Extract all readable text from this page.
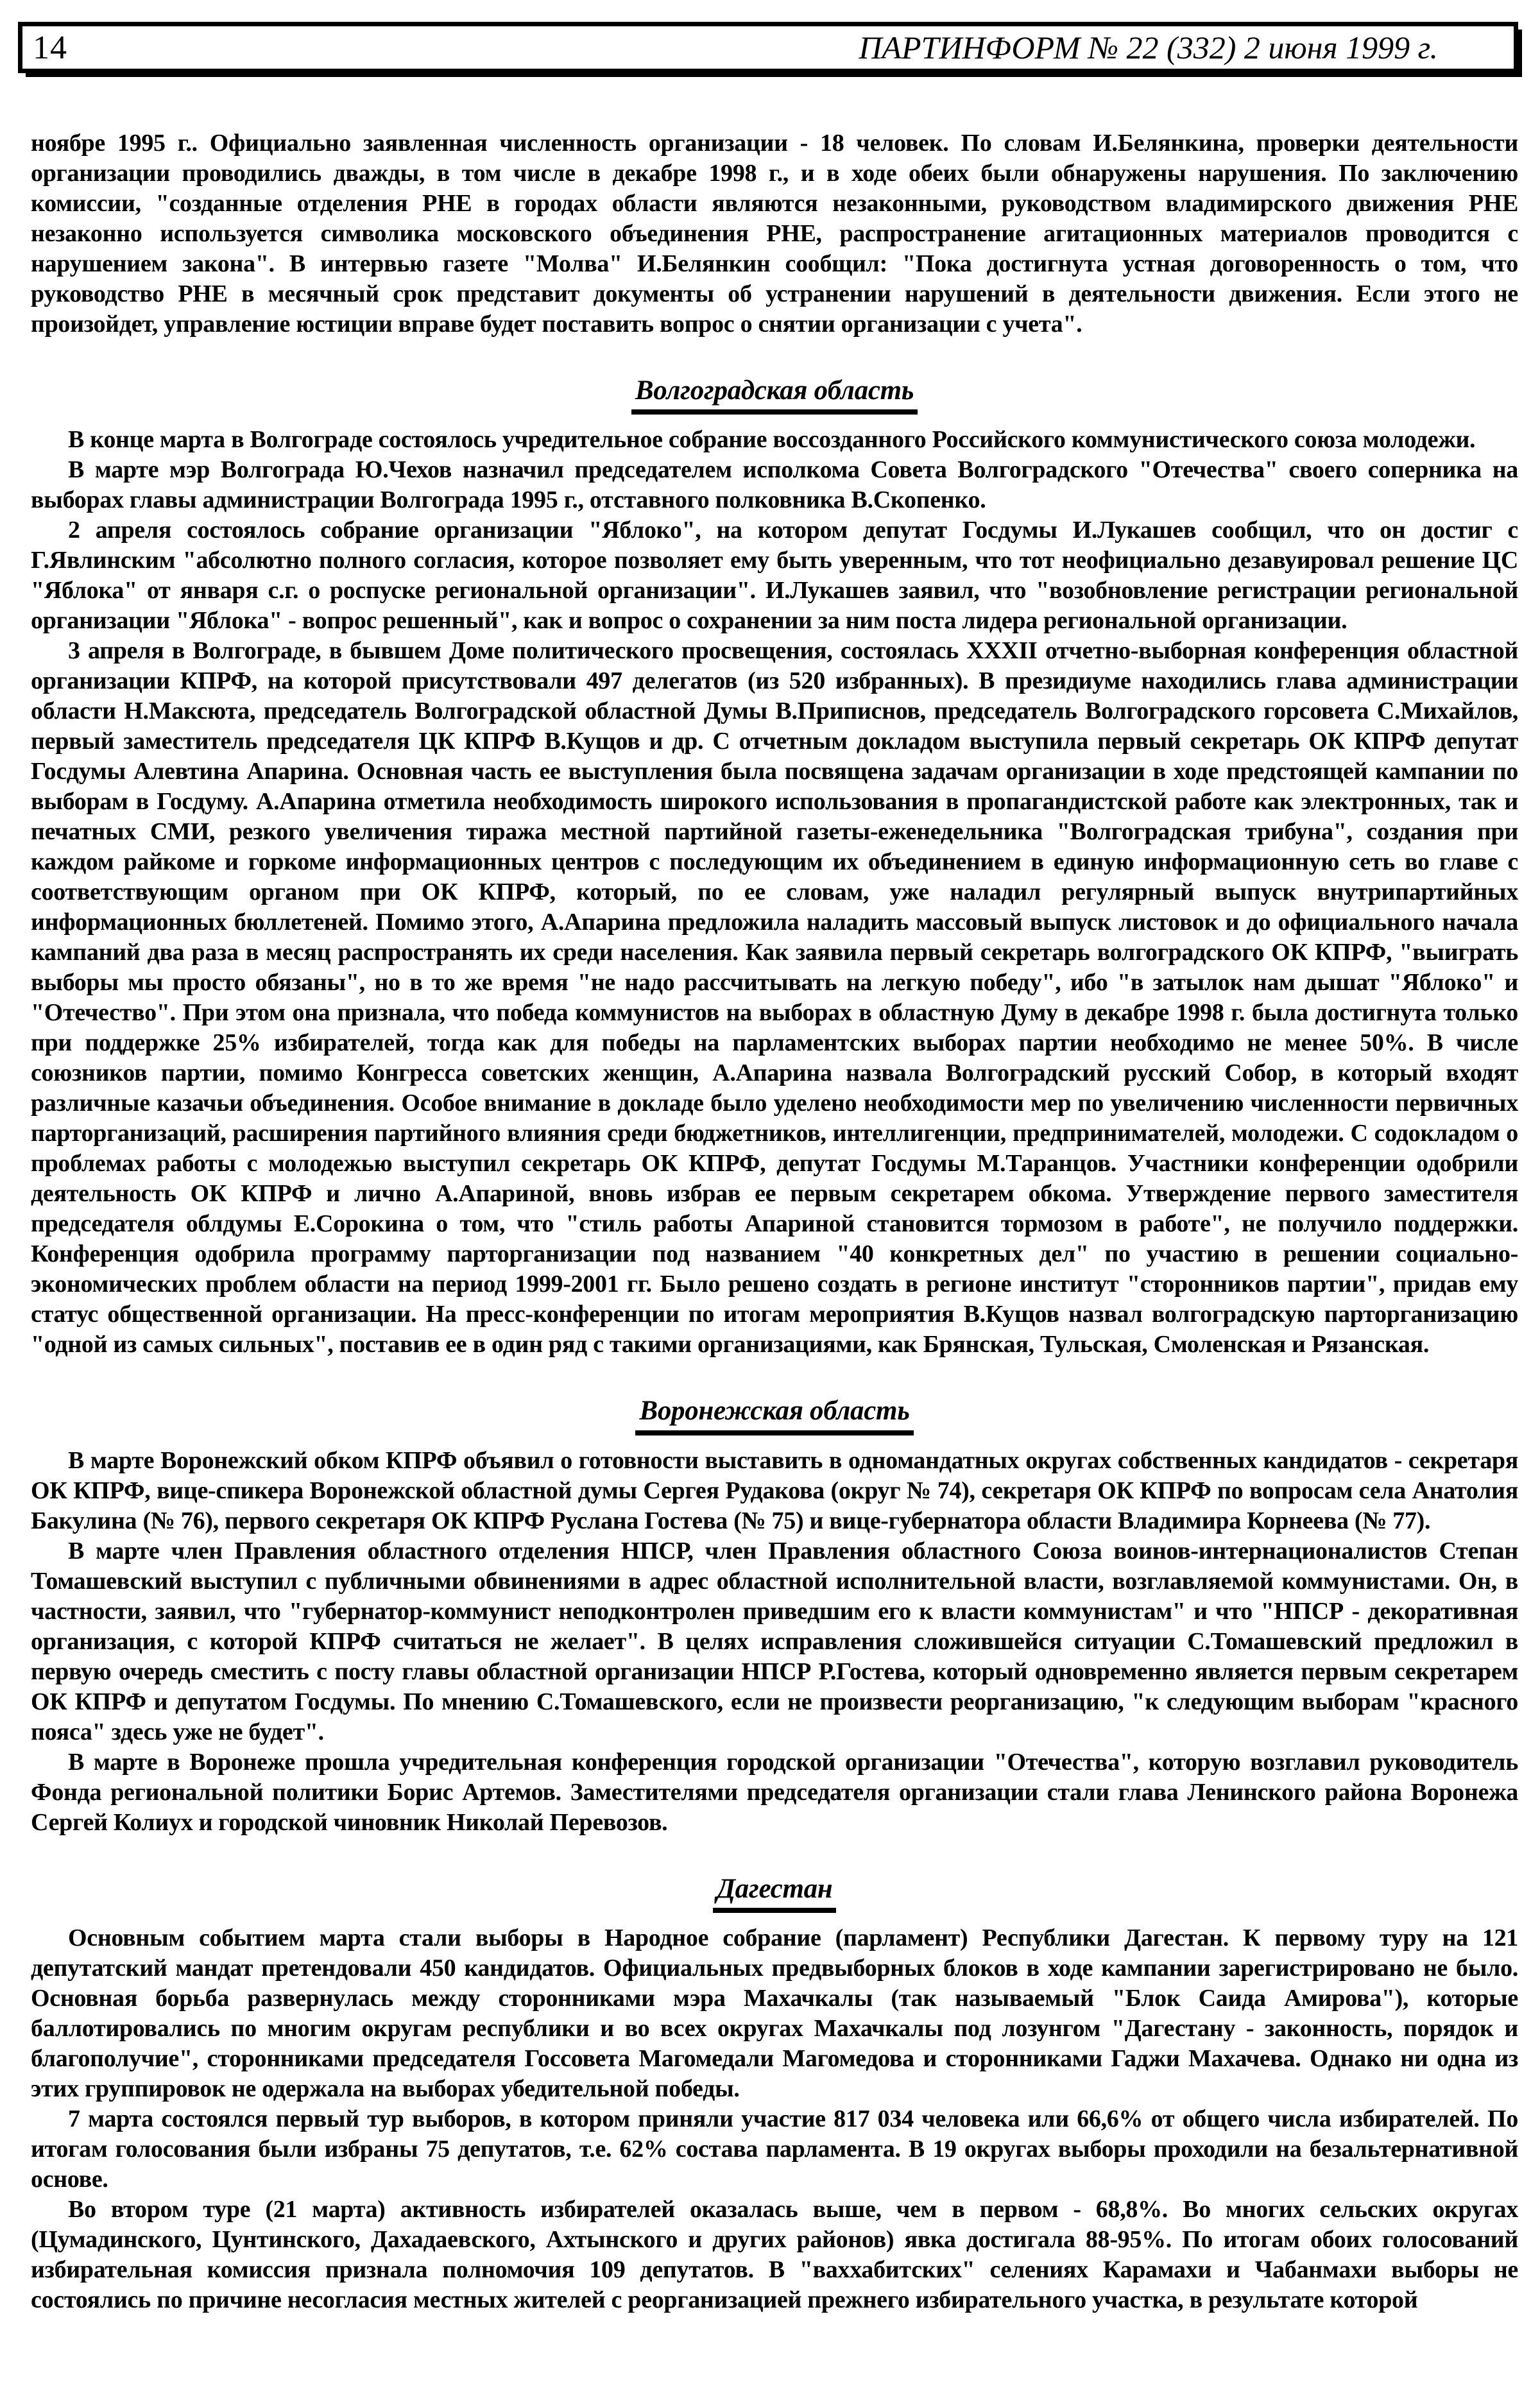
14	ПАРТИНФОРМ № 22 (332) 2 июня 1999 г.

ноябре 1995 г.. Официально заявленная численность организации - 18 человек. По словам И.Белянкина, проверки деятельности организации проводились дважды, в том числе в декабре 1998 г., и в ходе обеих были обнаружены нарушения. По заключению комиссии, "созданные отделения РНЕ в городах области являются незаконными, руководством владимирского движения РНЕ незаконно используется символика московского объединения РНЕ, распространение агитационных материалов проводится с нарушением закона". В интервью газете "Молва" И.Белянкин сообщил: "Пока достигнута устная договоренность о том, что руководство РНЕ в месячный срок представит документы об устранении нарушений в деятельности движения. Если этого не произойдет, управление юстиции вправе будет поставить вопрос о снятии организации с учета".

Волгоградская область

В конце марта в Волгограде состоялось учредительное собрание воссозданного Российского коммунистического союза молодежи.

В марте мэр Волгограда Ю.Чехов назначил председателем исполкома Совета Волгоградского "Отечества" своего соперника на выборах главы администрации Волгограда 1995 г., отставного полковника В.Скопенко.

2 апреля состоялось собрание организации "Яблоко", на котором депутат Госдумы И.Лукашев сообщил, что он достиг с Г.Явлинским "абсолютно полного согласия, которое позволяет ему быть уверенным, что тот неофициально дезавуировал решение ЦС "Яблока" от января с.г. о роспуске региональной организации". И.Лукашев заявил, что "возобновление регистрации региональной организации "Яблока" - вопрос решенный", как и вопрос о сохранении за ним поста лидера региональной организации.

3 апреля в Волгограде, в бывшем Доме политического просвещения, состоялась XXXII отчетно-выборная конференция областной организации КПРФ, на которой присутствовали 497 делегатов (из 520 избранных). В президиуме находились глава администрации области Н.Максюта, председатель Волгоградской областной Думы В.Приписнов, председатель Волгоградского горсовета С.Михайлов, первый заместитель председателя ЦК КПРФ В.Кущов и др. С отчетным докладом выступила первый секретарь ОК КПРФ депутат Госдумы Алевтина Апарина. Основная часть ее выступления была посвящена задачам организации в ходе предстоящей кампании по выборам в Госдуму. А.Апарина отметила необходимость широкого использования в пропагандистской работе как электронных, так и печатных СМИ, резкого увеличения тиража местной партийной газеты-еженедельника "Волгоградская трибуна", создания при каждом райкоме и горкоме информационных центров с последующим их объединением в единую информационную сеть во главе с соответствующим органом при ОК КПРФ, который, по ее словам, уже наладил регулярный выпуск внутрипартийных информационных бюллетеней. Помимо этого, А.Апарина предложила наладить массовый выпуск листовок и до официального начала кампаний два раза в месяц распространять их среди населения. Как заявила первый секретарь волгоградского ОК КПРФ, "выиграть выборы мы просто обязаны", но в то же время "не надо рассчитывать на легкую победу", ибо "в затылок нам дышат "Яблоко" и "Отечество". При этом она признала, что победа коммунистов на выборах в областную Думу в декабре 1998 г. была достигнута только при поддержке 25% избирателей, тогда как для победы на парламентских выборах партии необходимо не менее 50%. В числе союзников партии, помимо Конгресса советских женщин, А.Апарина назвала Волгоградский русский Собор, в который входят различные казачьи объединения. Особое внимание в докладе было уделено необходимости мер по увеличению численности первичных парторганизаций, расширения партийного влияния среди бюджетников, интеллигенции, предпринимателей, молодежи. С содокладом о проблемах работы с молодежью выступил секретарь ОК КПРФ, депутат Госдумы М.Таранцов. Участники конференции одобрили деятельность ОК КПРФ и лично А.Апариной, вновь избрав ее первым секретарем обкома. Утверждение первого заместителя председателя облдумы Е.Сорокина о том, что "стиль работы Апариной становится тормозом в работе", не получило поддержки. Конференция одобрила программу парторганизации под названием "40 конкретных дел" по участию в решении социально-экономических проблем области на период 1999-2001 гг. Было решено создать в регионе институт "сторонников партии", придав ему статус общественной организации. На пресс-конференции по итогам мероприятия В.Кущов назвал волгоградскую парторганизацию "одной из самых сильных", поставив ее в один ряд с такими организациями, как Брянская, Тульская, Смоленская и Рязанская.

Воронежская область

В марте Воронежский обком КПРФ объявил о готовности выставить в одномандатных округах собственных кандидатов - секретаря ОК КПРФ, вице-спикера Воронежской областной думы Сергея Рудакова (округ № 74), секретаря ОК КПРФ по вопросам села Анатолия Бакулина (№ 76), первого секретаря ОК КПРФ Руслана Гостева (№ 75) и вице-губернатора области Владимира Корнеева (№ 77).

В марте член Правления областного отделения НПСР, член Правления областного Союза воинов-интернационалистов Степан Томашевский выступил с публичными обвинениями в адрес областной исполнительной власти, возглавляемой коммунистами. Он, в частности, заявил, что "губернатор-коммунист неподконтролен приведшим его к власти коммунистам" и что "НПСР - декоративная организация, с которой КПРФ считаться не желает". В целях исправления сложившейся ситуации С.Томашевский предложил в первую очередь сместить с посту главы областной организации НПСР Р.Гостева, который одновременно является первым секретарем ОК КПРФ и депутатом Госдумы. По мнению С.Томашевского, если не произвести реорганизацию, "к следующим выборам "красного пояса" здесь уже не будет".

В марте в Воронеже прошла учредительная конференция городской организации "Отечества", которую возглавил руководитель Фонда региональной политики Борис Артемов. Заместителями председателя организации стали глава Ленинского района Воронежа Сергей Колиух и городской чиновник Николай Перевозов.

Дагестан

Основным событием марта стали выборы в Народное собрание (парламент) Республики Дагестан. К первому туру на 121 депутатский мандат претендовали 450 кандидатов. Официальных предвыборных блоков в ходе кампании зарегистрировано не было. Основная борьба развернулась между сторонниками мэра Махачкалы (так называемый "Блок Саида Амирова"), которые баллотировались по многим округам республики и во всех округах Махачкалы под лозунгом "Дагестану - законность, порядок и благополучие", сторонниками председателя Госсовета Магомедали Магомедова и сторонниками Гаджи Махачева. Однако ни одна из этих группировок не одержала на выборах убедительной победы.

7 марта состоялся первый тур выборов, в котором приняли участие 817 034 человека или 66,6% от общего числа избирателей. По итогам голосования были избраны 75 депутатов, т.е. 62% состава парламента. В 19 округах выборы проходили на безальтернативной основе.

Во втором туре (21 марта) активность избирателей оказалась выше, чем в первом - 68,8%. Во многих сельских округах (Цумадинского, Цунтинского, Дахадаевского, Ахтынского и других районов) явка достигала 88-95%. По итогам обоих голосований избирательная комиссия признала полномочия 109 депутатов. В "ваххабитских" селениях Карамахи и Чабанмахи выборы не состоялись по причине несогласия местных жителей с реорганизацией прежнего избирательного участка, в результате которой
